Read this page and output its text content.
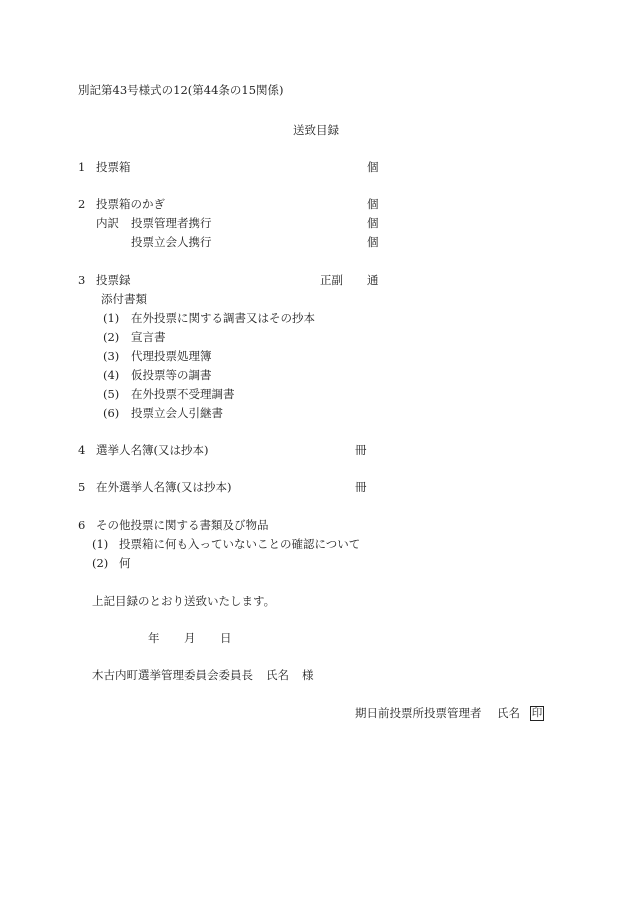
別記第43号様式の12(第44条の15関係)
送致目録
1 投票箱	個
2 投票箱のかぎ	個
内訳 投票管理者携行	個
投票立会人携行	個
3 投票録	正副 通
添付書類
(1) 在外投票に関する調書又はその抄本
(2) 宣言書
(3) 代理投票処理簿
(4) 仮投票等の調書
(5) 在外投票不受理調書
(6) 投票立会人引継書
4 選挙人名簿(又は抄本)	冊
5 在外選挙人名簿(又は抄本)	冊
6 その他投票に関する書類及び物品
(1) 投票箱に何も入っていないことの確認について
(2) 何
上記目録のとおり送致いたします。
年 月 日
木古内町選挙管理委員会委員長 氏名 様
期日前投票所投票管理者 氏名 印
